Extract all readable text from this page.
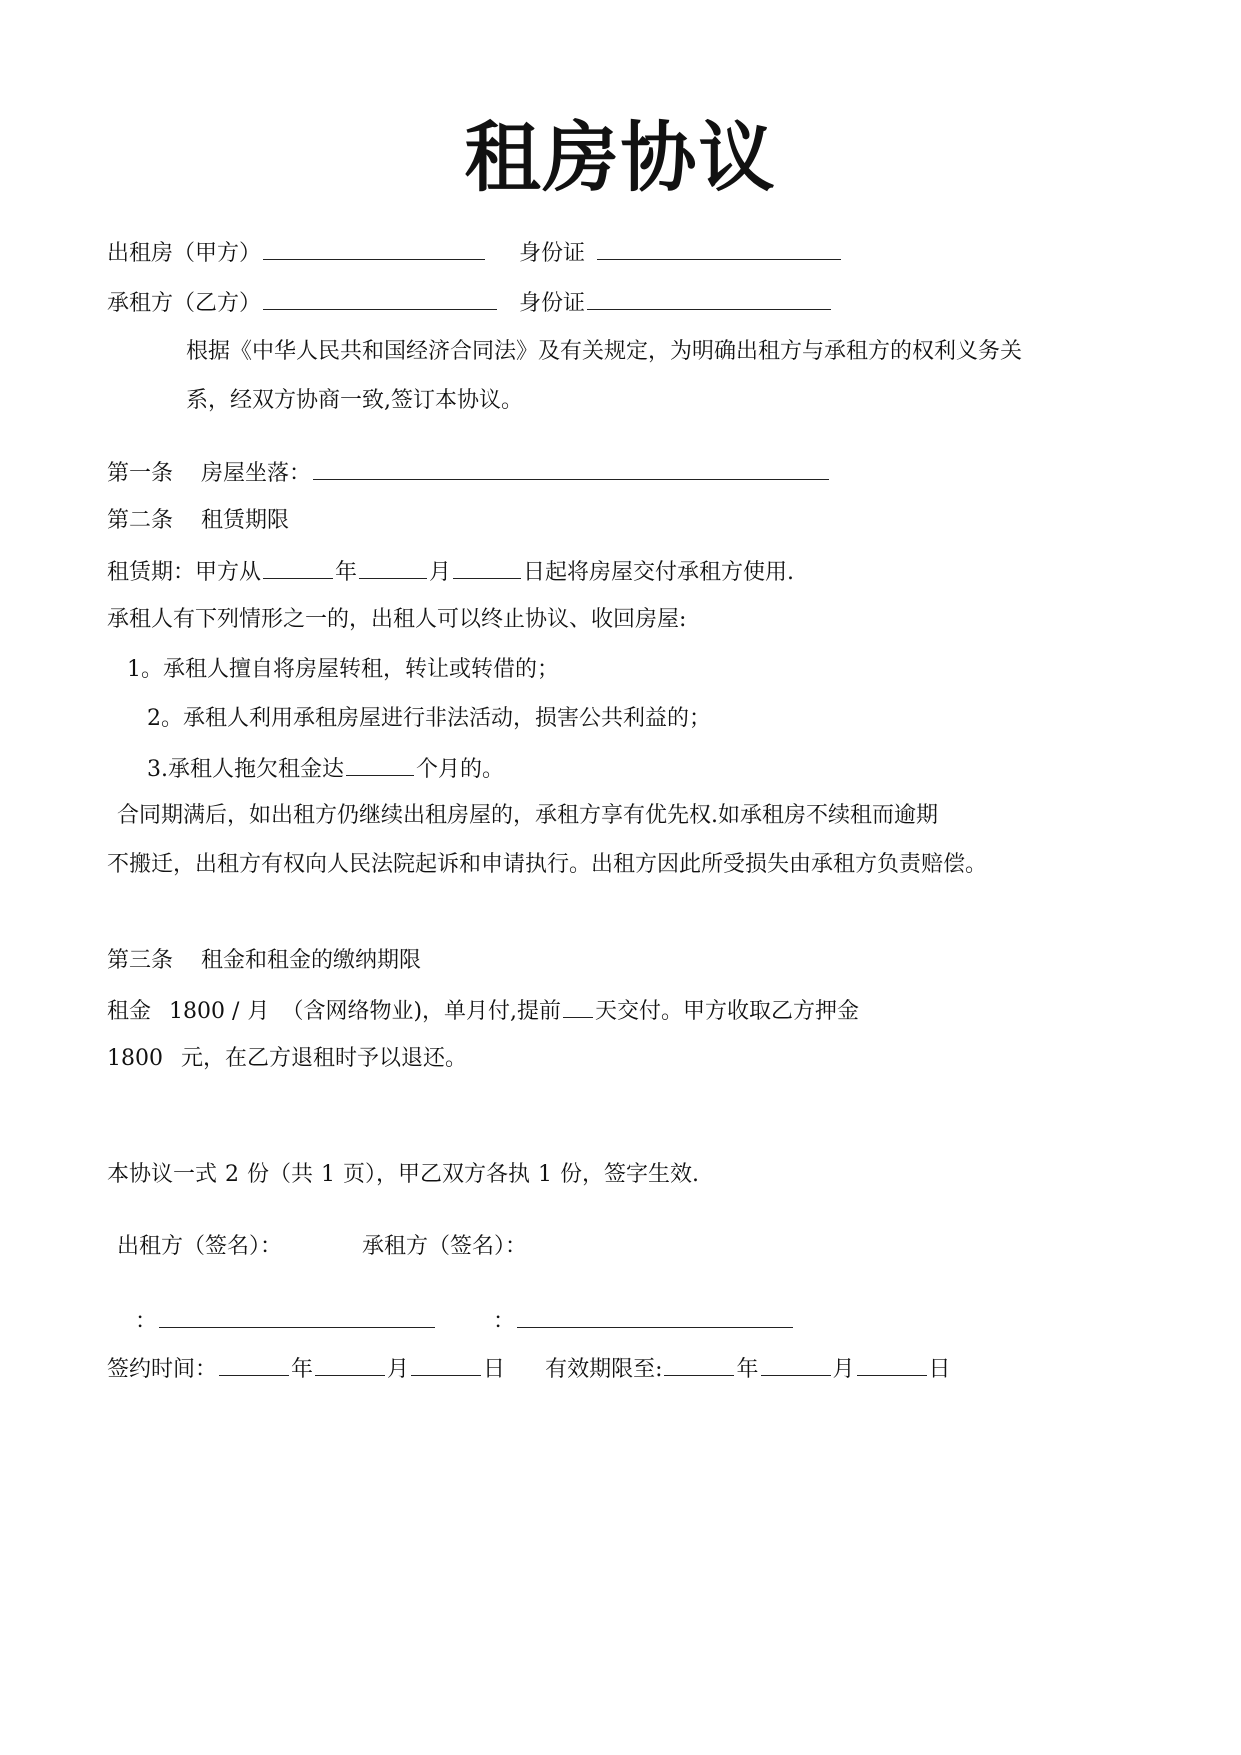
租房协议
出租房（甲方）	身份证
承租方（乙方）	身份证
根据《中华人民共和国经济合同法》及有关规定，为明确出租方与承租方的权利义务关
系，经双方协商一致,签订本协议。
第一条 房屋坐落：
第二条 租赁期限
租赁期：甲方从	年	月	日起将房屋交付承租方使用.
承租人有下列情形之一的，出租人可以终止协议、收回房屋:
1。承租人擅自将房屋转租，转让或转借的；
2。承租人利用承租房屋进行非法活动，损害公共利益的；
3.承租人拖欠租金达	个月的。
合同期满后，如出租方仍继续出租房屋的，承租方享有优先权.如承租房不续租而逾期
不搬迁，出租方有权向人民法院起诉和申请执行。出租方因此所受损失由承租方负责赔偿。
第三条 租金和租金的缴纳期限
租金 1800 / 月 （含网络物业)，单月付,提前 天交付。甲方收取乙方押金
1800 元，在乙方退租时予以退还。
本协议一式 2 份（共 1 页），甲乙双方各执 1 份，签字生效.
出租方（签名）：	承租方（签名）：
：	：
签约时间：	年	月	日 有效期限至:	年	月	日
